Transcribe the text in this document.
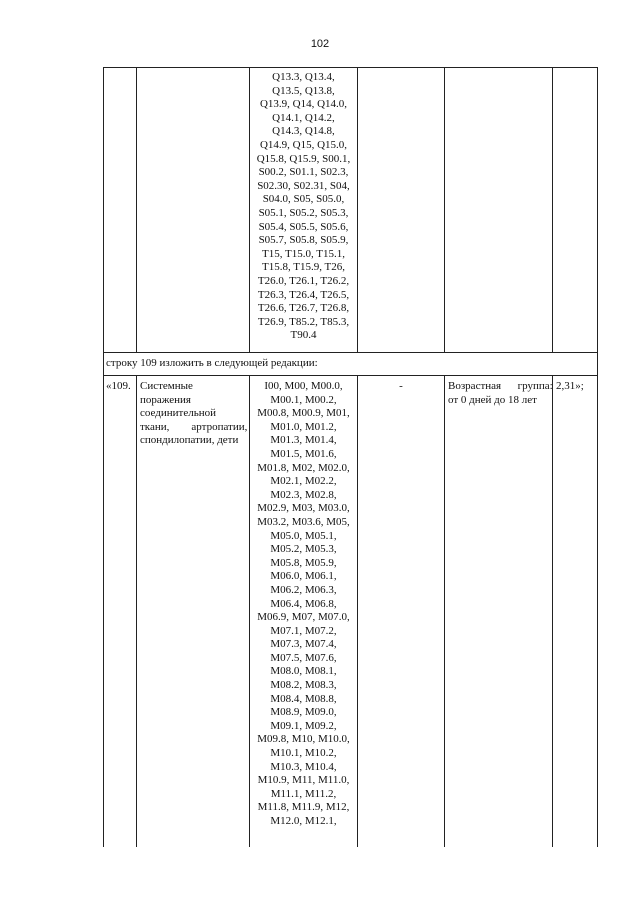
102
Q13.3, Q13.4,
Q13.5, Q13.8,
Q13.9, Q14, Q14.0,
Q14.1, Q14.2,
Q14.3, Q14.8,
Q14.9, Q15, Q15.0,
Q15.8, Q15.9, S00.1,
S00.2, S01.1, S02.3,
S02.30, S02.31, S04,
S04.0, S05, S05.0,
S05.1, S05.2, S05.3,
S05.4, S05.5, S05.6,
S05.7, S05.8, S05.9,
T15, T15.0, T15.1,
T15.8, T15.9, T26,
T26.0, T26.1, T26.2,
T26.3, T26.4, T26.5,
T26.6, T26.7, T26.8,
T26.9, T85.2, T85.3,
T90.4
строку 109 изложить в следующей редакции:
«109. Системные
поражения
соединительной
ткани,        артропатии,
спондилопатии, дети
I00, M00, M00.0,
M00.1, M00.2,
M00.8, M00.9, M01,
M01.0, M01.2,
M01.3, M01.4,
M01.5, M01.6,
M01.8, M02, M02.0,
M02.1, M02.2,
M02.3, M02.8,
M02.9, M03, M03.0,
M03.2, M03.6, M05,
M05.0, M05.1,
M05.2, M05.3,
M05.8, M05.9,
M06.0, M06.1,
M06.2, M06.3,
M06.4, M06.8,
M06.9, M07, M07.0,
M07.1, M07.2,
M07.3, M07.4,
M07.5, M07.6,
M08.0, M08.1,
M08.2, M08.3,
M08.4, M08.8,
M08.9, M09.0,
M09.1, M09.2,
M09.8, M10, M10.0,
M10.1, M10.2,
M10.3, M10.4,
M10.9, M11, M11.0,
M11.1, M11.2,
M11.8, M11.9, M12,
M12.0, M12.1,
-	Возрастная      группа:
от 0 дней до 18 лет
2,31»;
